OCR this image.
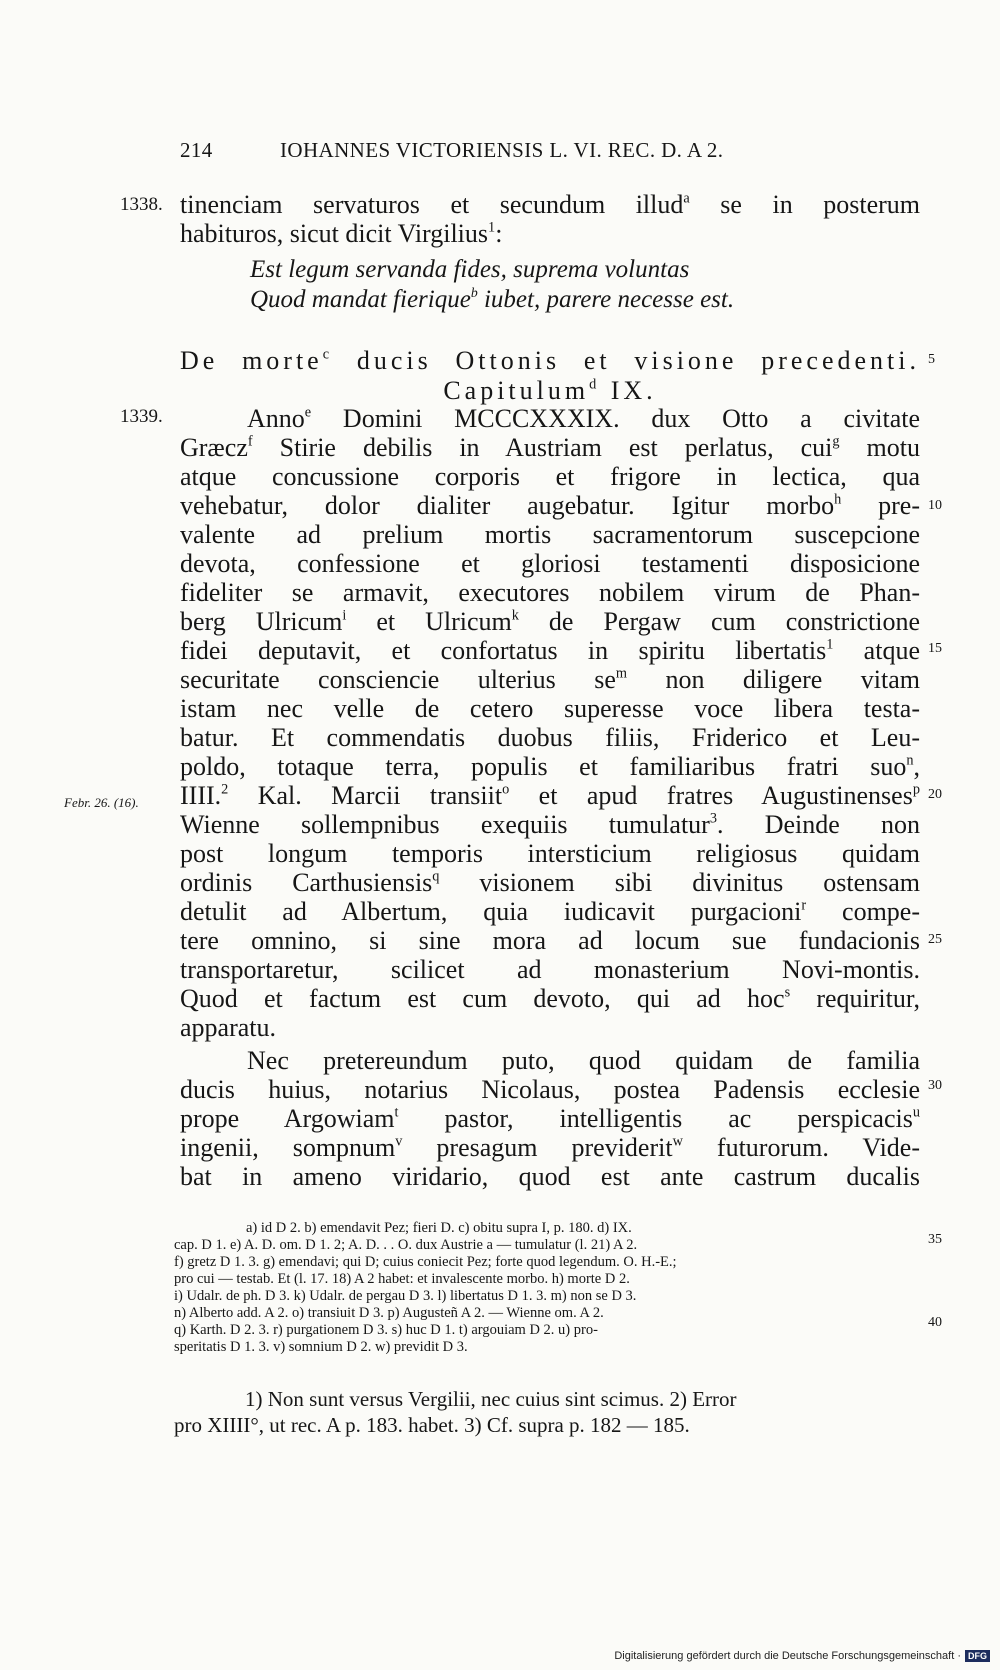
214	IOHANNES VICTORIENSIS L. VI. REC. D. A 2.
1338.
1339.
Febr. 26. (16).
5
10
15
20
25
30
35
40
tinenciam servaturos et secundum illud$^a$ se in posterum
habituros, sicut dicit Virgilius$^1$:
Est legum servanda fides, suprema voluntas
Quod mandat fierique$^b$ iubet, parere necesse est.
De morte$^c$ ducis Ottonis et visione precedenti.
Capitulum$^d$ IX.
Anno$^e$ Domini MCCCXXXIX. dux Otto a civitate
Græcz$^f$ Stirie debilis in Austriam est perlatus, cui$^g$ motu
atque concussione corporis et frigore in lectica, qua
vehebatur, dolor dialiter augebatur. Igitur morbo$^h$ pre-
valente ad prelium mortis sacramentorum suscepcione
devota, confessione et gloriosi testamenti disposicione
fideliter se armavit, executores nobilem virum de Phan-
berg Ulricum$^i$ et Ulricum$^k$ de Pergaw cum constrictione
fidei deputavit, et confortatus in spiritu libertatis$^1$ atque
securitate consciencie ulterius $se^m$ non diligere vitam
istam nec velle de cetero superesse voce libera testa-
batur. Et commendatis duobus filiis, Friderico et Leu-
poldo, totaque terra, populis et familiaribus fratri suo$^n$,
IIII.$^2$ Kal. Marcii transiit$^o$ et apud fratres Augustinenses$^p$
Wienne sollempnibus exequiis tumulatur$^3$. Deinde non
post longum temporis intersticium religiosus quidam
ordinis Carthusiensis$^q$ visionem sibi divinitus ostensam
detulit ad Albertum, quia iudicavit purgacioni$^r$ compe-
tere omnino, si sine mora ad locum sue fundacionis
transportaretur, scilicet ad monasterium Novi-montis.
Quod et factum est cum devoto, qui ad hoc$^s$ requiritur,
apparatu.
Nec pretereundum puto, quod quidam de familia
ducis huius, notarius Nicolaus, postea Padensis ecclesie
prope Argowiam$^t$ pastor, intelligentis ac perspicacis$^u$
ingenii, sompnum$^v$ presagum previderit$^w$ futurorum. Vide-
bat in ameno viridario, quod est ante castrum ducalis
a) id D 2. b) emendavit Pez; fieri D. c) obitu supra I, p. 180. d) IX.
cap. D 1. e) A. D. om. D 1. 2; A. D. . . O. dux Austrie a — tumulatur (l. 21) A 2.
f) gretz D 1. 3. g) emendavi; qui D; cuius coniecit Pez; forte quod legendum. O. H.-E.;
pro cui — testab. Et (l. 17. 18) A 2 habet: et invalescente morbo. h) morte D 2.
i) Udalr. de ph. D 3. k) Udalr. de pergau D 3. l) libertatus D 1. 3. m) non se D 3.
n) Alberto add. A 2. o) transiuit D 3. p) Augusteñ A 2. — Wienne om. A 2.
q) Karth. D 2. 3. r) purgationem D 3. s) huc D 1. t) argouiam D 2. u) pro-
speritatis D 1. 3. v) somnium D 2. w) previdit D 3.
1) Non sunt versus Vergilii, nec cuius sint scimus. 2) Error
pro XIIII°, ut rec. A p. 183. habet. 3) Cf. supra p. 182 — 185.
Digitalisierung gefördert durch die Deutsche Forschungsgemeinschaft · DFG
